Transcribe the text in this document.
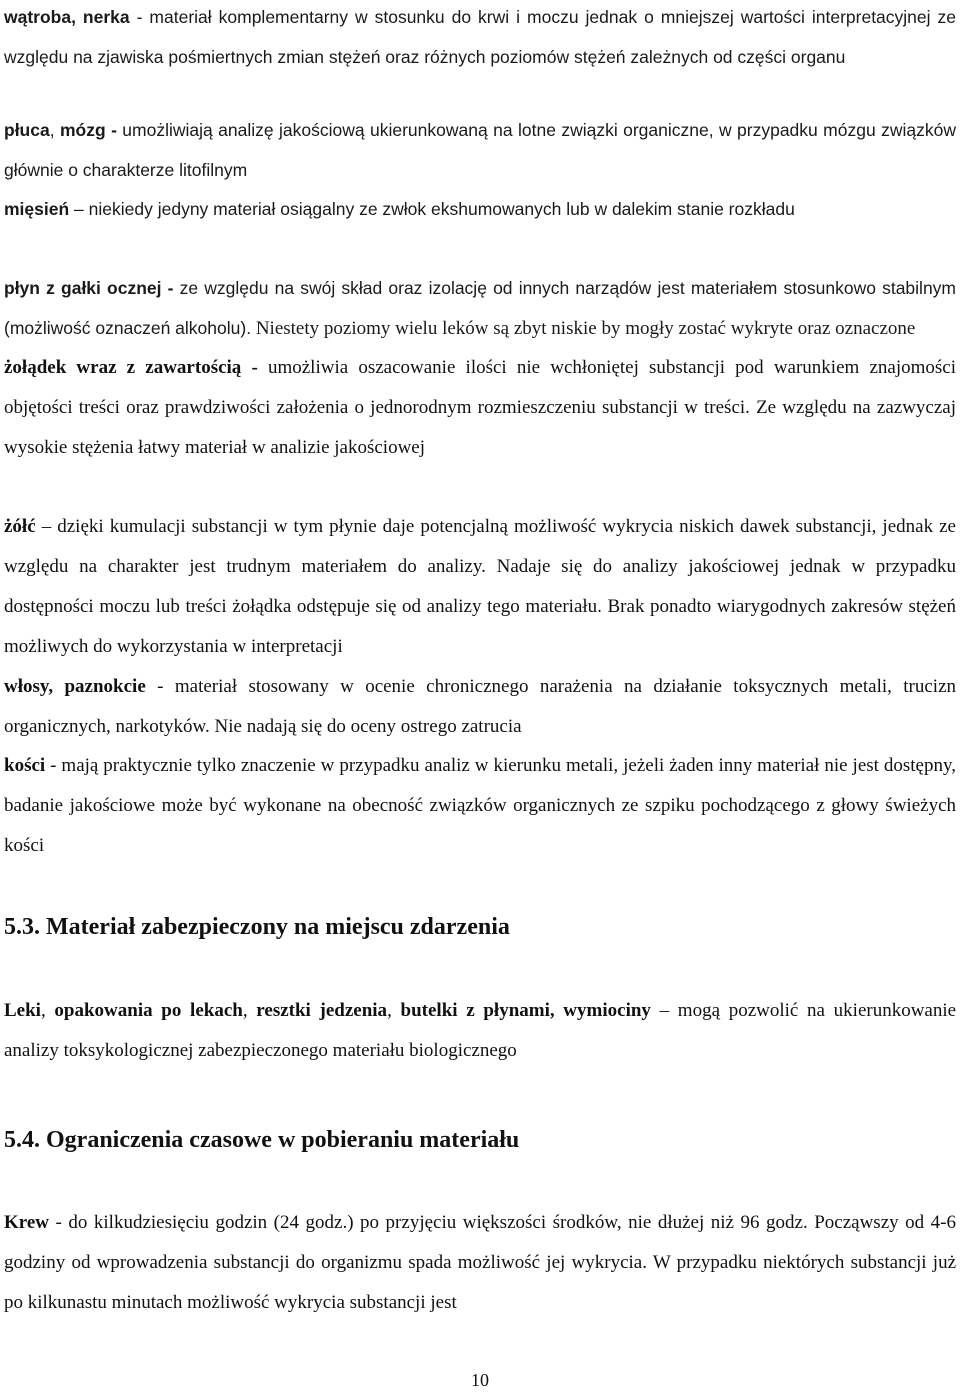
wątroba, nerka - materiał komplementarny w stosunku do krwi i moczu jednak o mniejszej wartości interpretacyjnej ze względu na zjawiska pośmiertnych zmian stężeń oraz różnych poziomów stężeń zależnych od części organu

płuca, mózg - umożliwiają analizę jakościową ukierunkowaną na lotne związki organiczne, w przypadku mózgu związków głównie o charakterze litofilnym

mięsień – niekiedy jedyny materiał osiągalny ze zwłok ekshumowanych lub w dalekim stanie rozkładu

płyn z gałki ocznej - ze względu na swój skład oraz izolację od innych narządów jest materiałem stosunkowo stabilnym (możliwość oznaczeń alkoholu). Niestety poziomy wielu leków są zbyt niskie by mogły zostać wykryte oraz oznaczone

żołądek wraz z zawartością - umożliwia oszacowanie ilości nie wchłoniętej substancji pod warunkiem znajomości objętości treści oraz prawdziwości założenia o jednorodnym rozmieszczeniu substancji w treści. Ze względu na zazwyczaj wysokie stężenia łatwy materiał w analizie jakościowej

żółć – dzięki kumulacji substancji w tym płynie daje potencjalną możliwość wykrycia niskich dawek substancji, jednak ze względu na charakter jest trudnym materiałem do analizy. Nadaje się do analizy jakościowej jednak w przypadku dostępności moczu lub treści żołądka odstępuje się od analizy tego materiału. Brak ponadto wiarygodnych zakresów stężeń możliwych do wykorzystania w interpretacji

włosy, paznokcie - materiał stosowany w ocenie chronicznego narażenia na działanie toksycznych metali, trucizn organicznych, narkotyków. Nie nadają się do oceny ostrego zatrucia

kości - mają praktycznie tylko znaczenie w przypadku analiz w kierunku metali, jeżeli żaden inny materiał nie jest dostępny, badanie jakościowe może być wykonane na obecność związków organicznych ze szpiku pochodzącego z głowy świeżych kości

5.3. Materiał zabezpieczony na miejscu zdarzenia

Leki, opakowania po lekach, resztki jedzenia, butelki z płynami, wymiociny – mogą pozwolić na ukierunkowanie analizy toksykologicznej zabezpieczonego materiału biologicznego

5.4. Ograniczenia czasowe w pobieraniu materiału

Krew - do kilkudziesięciu godzin (24 godz.) po przyjęciu większości środków, nie dłużej niż 96 godz. Począwszy od 4-6 godziny od wprowadzenia substancji do organizmu spada możliwość jej wykrycia. W przypadku niektórych substancji już po kilkunastu minutach możliwość wykrycia substancji jest

10
